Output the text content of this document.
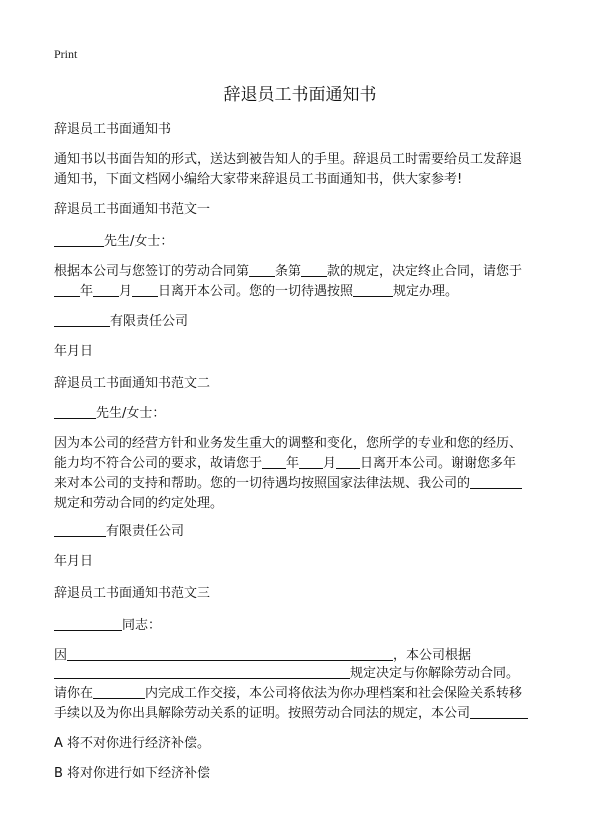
Print
辞退员工书面通知书
辞退员工书面通知书
通知书以书面告知的形式，送达到被告知人的手里。辞退员工时需要给员工发辞退
通知书，下面文档网小编给大家带来辞退员工书面通知书，供大家参考!
辞退员工书面通知书范文一
先生/女士：
根据本公司与您签订的劳动合同第 条第 款的规定，决定终止合同，请您于
年 月 日离开本公司。您的一切待遇按照	规定办理。
有限责任公司
年月日
辞退员工书面通知书范文二
先生/女士：
因为本公司的经营方针和业务发生重大的调整和变化，您所学的专业和您的经历、
能力均不符合公司的要求，故请您于 年 月 日离开本公司。谢谢您多年
来对本公司的支持和帮助。您的一切待遇均按照国家法律法规、我公司的
规定和劳动合同的约定处理。
有限责任公司
年月日
辞退员工书面通知书范文三
同志：
因	，本公司根据
规定决定与你解除劳动合同。
请你在	内完成工作交接，本公司将依法为你办理档案和社会保险关系转移
手续以及为你出具解除劳动关系的证明。按照劳动合同法的规定，本公司
A 将不对你进行经济补偿。
B 将对你进行如下经济补偿
